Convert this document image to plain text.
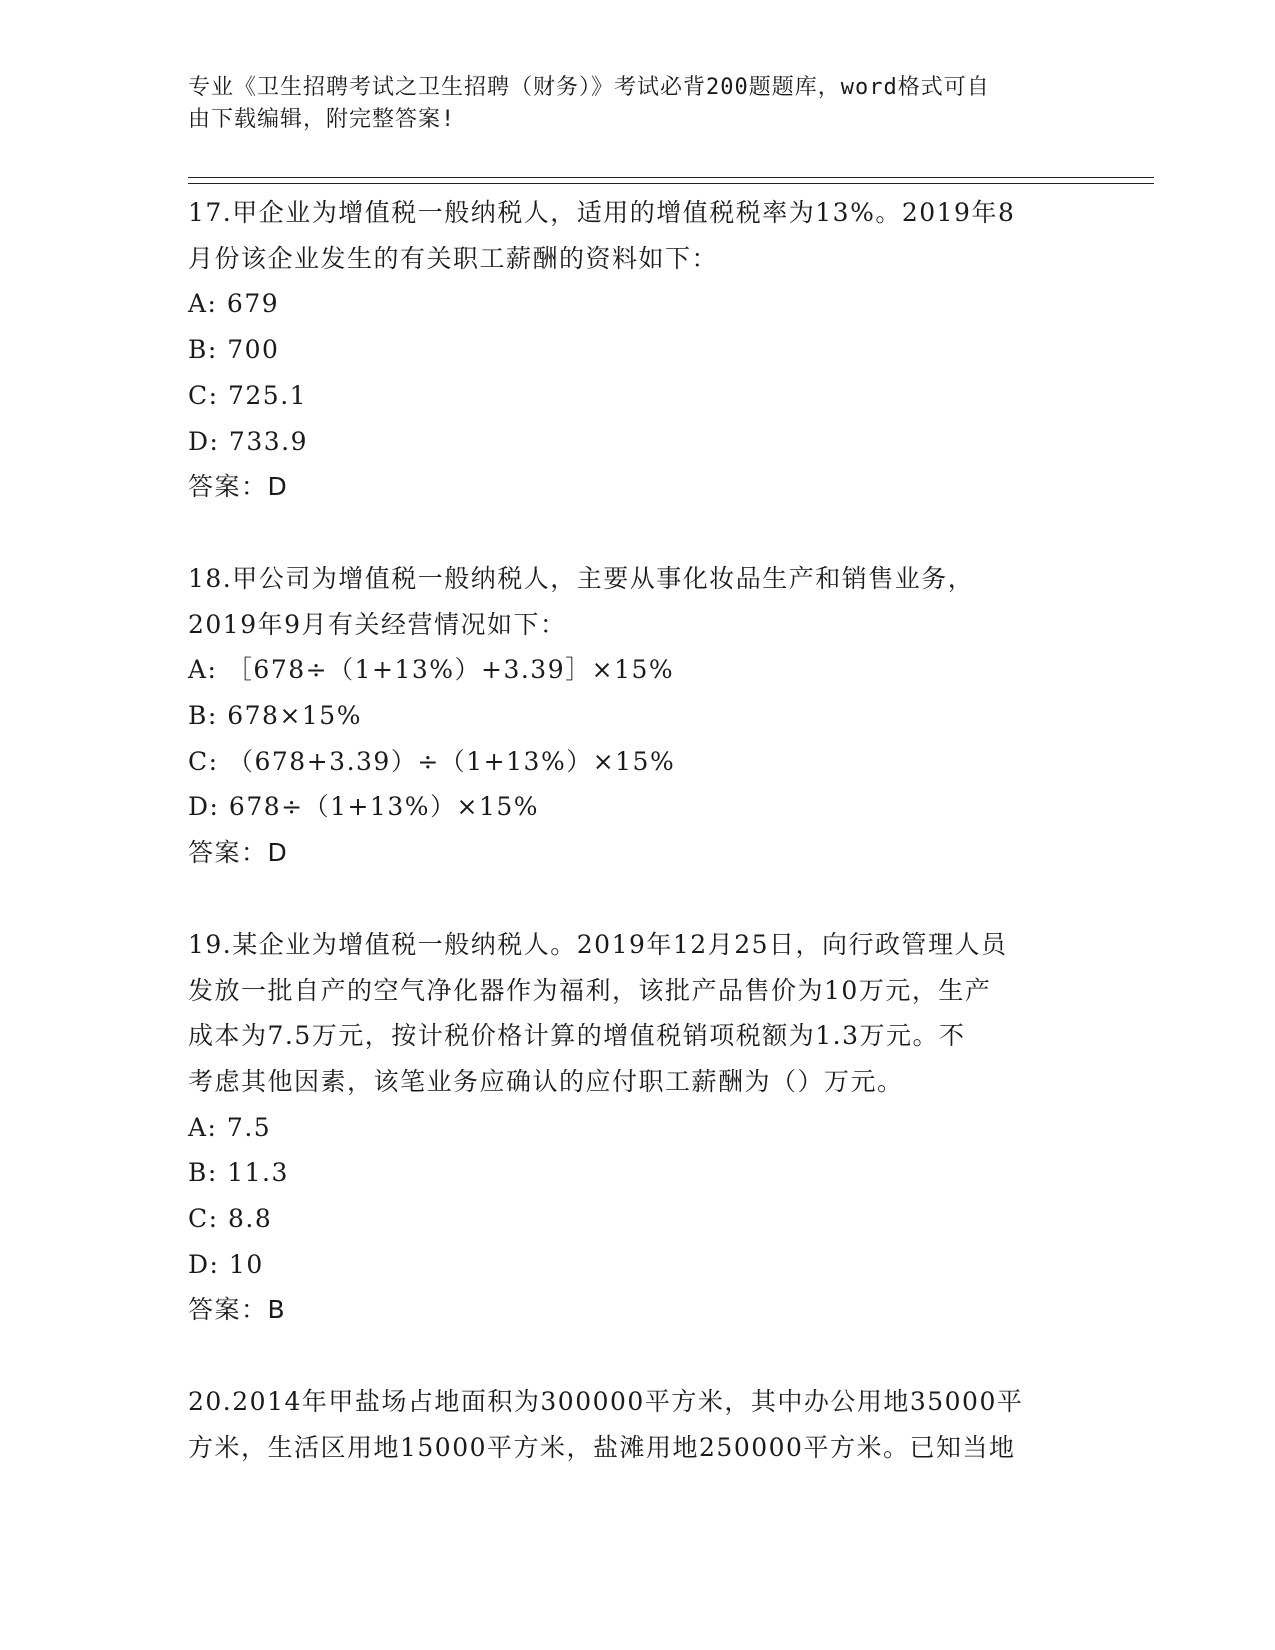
专业《卫生招聘考试之卫生招聘（财务）》考试必背200题题库，word格式可自
由下载编辑，附完整答案!
17.甲企业为增值税一般纳税人，适用的增值税税率为13%。2019年8
月份该企业发生的有关职工薪酬的资料如下：
A: 679
B: 700
C: 725.1
D: 733.9
答案：D
18.甲公司为增值税一般纳税人，主要从事化妆品生产和销售业务，
2019年9月有关经营情况如下：
A: ［678÷（1+13%）+3.39］×15%
B: 678×15%
C: （678+3.39）÷（1+13%）×15%
D: 678÷（1+13%）×15%
答案：D
19.某企业为增值税一般纳税人。2019年12月25日，向行政管理人员
发放一批自产的空气净化器作为福利，该批产品售价为10万元，生产
成本为7.5万元，按计税价格计算的增值税销项税额为1.3万元。不
考虑其他因素，该笔业务应确认的应付职工薪酬为（）万元。
A: 7.5
B: 11.3
C: 8.8
D: 10
答案：B
20.2014年甲盐场占地面积为300000平方米，其中办公用地35000平
方米，生活区用地15000平方米，盐滩用地250000平方米。已知当地
